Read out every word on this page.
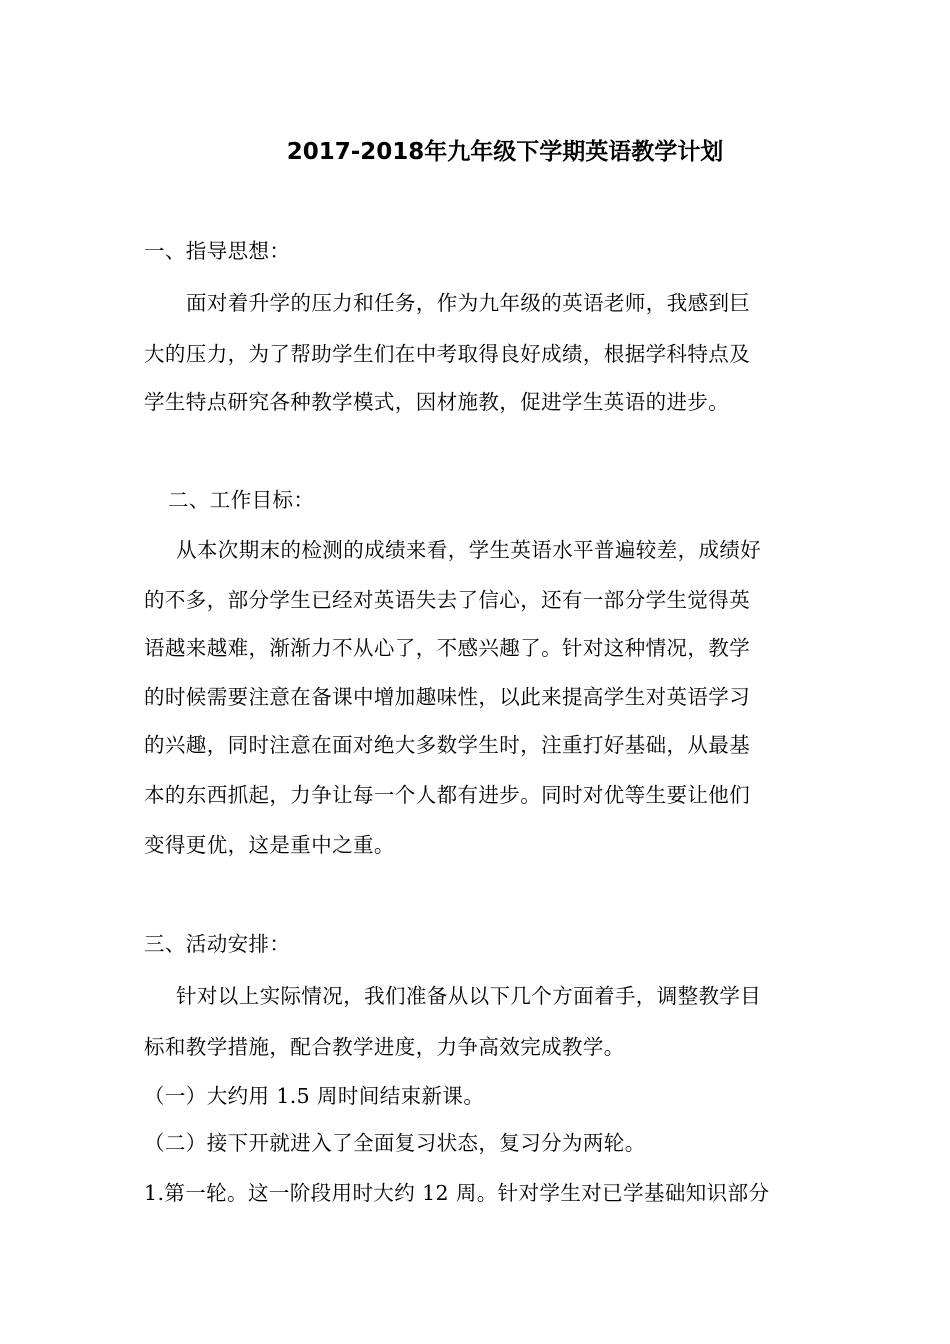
2017-2018年九年级下学期英语教学计划
一、指导思想：
面对着升学的压力和任务，作为九年级的英语老师，我感到巨
大的压力，为了帮助学生们在中考取得良好成绩，根据学科特点及
学生特点研究各种教学模式，因材施教，促进学生英语的进步。
二、工作目标：
从本次期末的检测的成绩来看，学生英语水平普遍较差，成绩好
的不多，部分学生已经对英语失去了信心，还有一部分学生觉得英
语越来越难，渐渐力不从心了，不感兴趣了。针对这种情况，教学
的时候需要注意在备课中增加趣味性，以此来提高学生对英语学习
的兴趣，同时注意在面对绝大多数学生时，注重打好基础，从最基
本的东西抓起，力争让每一个人都有进步。同时对优等生要让他们
变得更优，这是重中之重。
三、活动安排：
针对以上实际情况，我们准备从以下几个方面着手，调整教学目
标和教学措施，配合教学进度，力争高效完成教学。
（一）大约用 1.5 周时间结束新课。
（二）接下开就进入了全面复习状态，复习分为两轮。
1.第一轮。这一阶段用时大约 12 周。针对学生对已学基础知识部分
